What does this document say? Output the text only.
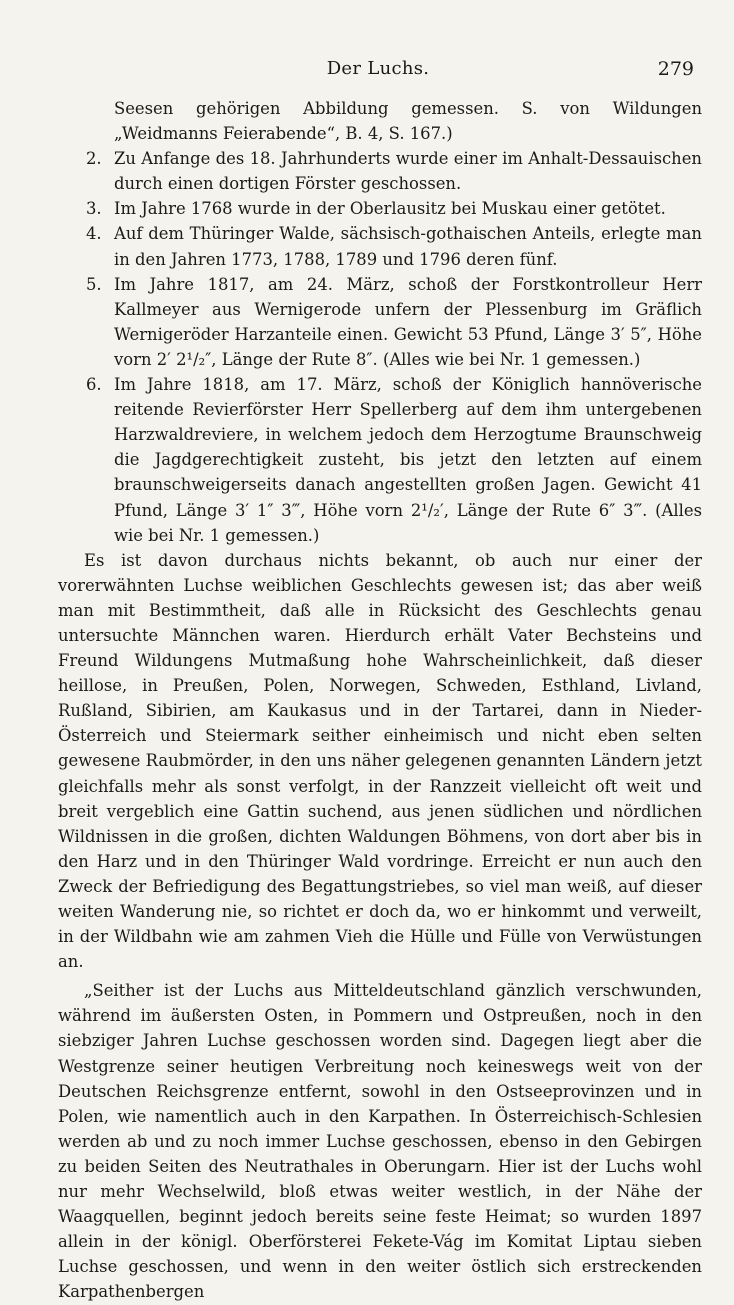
Der Luchs.	279

Seesen gehörigen Abbildung gemessen. S. von Wildungen „Weidmanns Feierabende“, B. 4, S. 167.)

2. Zu Anfange des 18. Jahrhunderts wurde einer im Anhalt-Dessauischen durch einen dortigen Förster geschossen.
3. Im Jahre 1768 wurde in der Oberlausitz bei Muskau einer getötet.
4. Auf dem Thüringer Walde, sächsisch-gothaischen Anteils, erlegte man in den Jahren 1773, 1788, 1789 und 1796 deren fünf.
5. Im Jahre 1817, am 24. März, schoß der Forstkontrolleur Herr Kallmeyer aus Wernigerode unfern der Plessenburg im Gräflich Wernigeröder Harzanteile einen. Gewicht 53 Pfund, Länge 3′ 5″, Höhe vorn 2′ 2¹/₂″, Länge der Rute 8″. (Alles wie bei Nr. 1 gemessen.)
6. Im Jahre 1818, am 17. März, schoß der Königlich hannöverische reitende Revierförster Herr Spellerberg auf dem ihm untergebenen Harzwaldreviere, in welchem jedoch dem Herzogtume Braunschweig die Jagdgerechtigkeit zusteht, bis jetzt den letzten auf einem braunschweigerseits danach angestellten großen Jagen. Gewicht 41 Pfund, Länge 3′ 1″ 3‴, Höhe vorn 2¹/₂′, Länge der Rute 6″ 3‴. (Alles wie bei Nr. 1 gemessen.)

Es ist davon durchaus nichts bekannt, ob auch nur einer der vorerwähnten Luchse weiblichen Geschlechts gewesen ist; das aber weiß man mit Bestimmtheit, daß alle in Rücksicht des Geschlechts genau untersuchte Männchen waren. Hierdurch erhält Vater Bechsteins und Freund Wildungens Mutmaßung hohe Wahrscheinlichkeit, daß dieser heillose, in Preußen, Polen, Norwegen, Schweden, Esthland, Livland, Rußland, Sibirien, am Kaukasus und in der Tartarei, dann in Nieder-Österreich und Steiermark seither einheimisch und nicht eben selten gewesene Raubmörder, in den uns näher gelegenen genannten Ländern jetzt gleichfalls mehr als sonst verfolgt, in der Ranzzeit vielleicht oft weit und breit vergeblich eine Gattin suchend, aus jenen südlichen und nördlichen Wildnissen in die großen, dichten Waldungen Böhmens, von dort aber bis in den Harz und in den Thüringer Wald vordringe. Erreicht er nun auch den Zweck der Befriedigung des Begattungstriebes, so viel man weiß, auf dieser weiten Wanderung nie, so richtet er doch da, wo er hinkommt und verweilt, in der Wildbahn wie am zahmen Vieh die Hülle und Fülle von Verwüstungen an.

„Seither ist der Luchs aus Mitteldeutschland gänzlich verschwunden, während im äußersten Osten, in Pommern und Ostpreußen, noch in den siebziger Jahren Luchse geschossen worden sind. Dagegen liegt aber die Westgrenze seiner heutigen Verbreitung noch keineswegs weit von der Deutschen Reichsgrenze entfernt, sowohl in den Ostseeprovinzen und in Polen, wie namentlich auch in den Karpathen. In Österreichisch-Schlesien werden ab und zu noch immer Luchse geschossen, ebenso in den Gebirgen zu beiden Seiten des Neutrathales in Oberungarn. Hier ist der Luchs wohl nur mehr Wechselwild, bloß etwas weiter westlich, in der Nähe der Waagquellen, beginnt jedoch bereits seine feste Heimat; so wurden 1897 allein in der königl. Oberförsterei Fekete-Vág im Komitat Liptau sieben Luchse geschossen, und wenn in den weiter östlich sich erstreckenden Karpathenbergen
